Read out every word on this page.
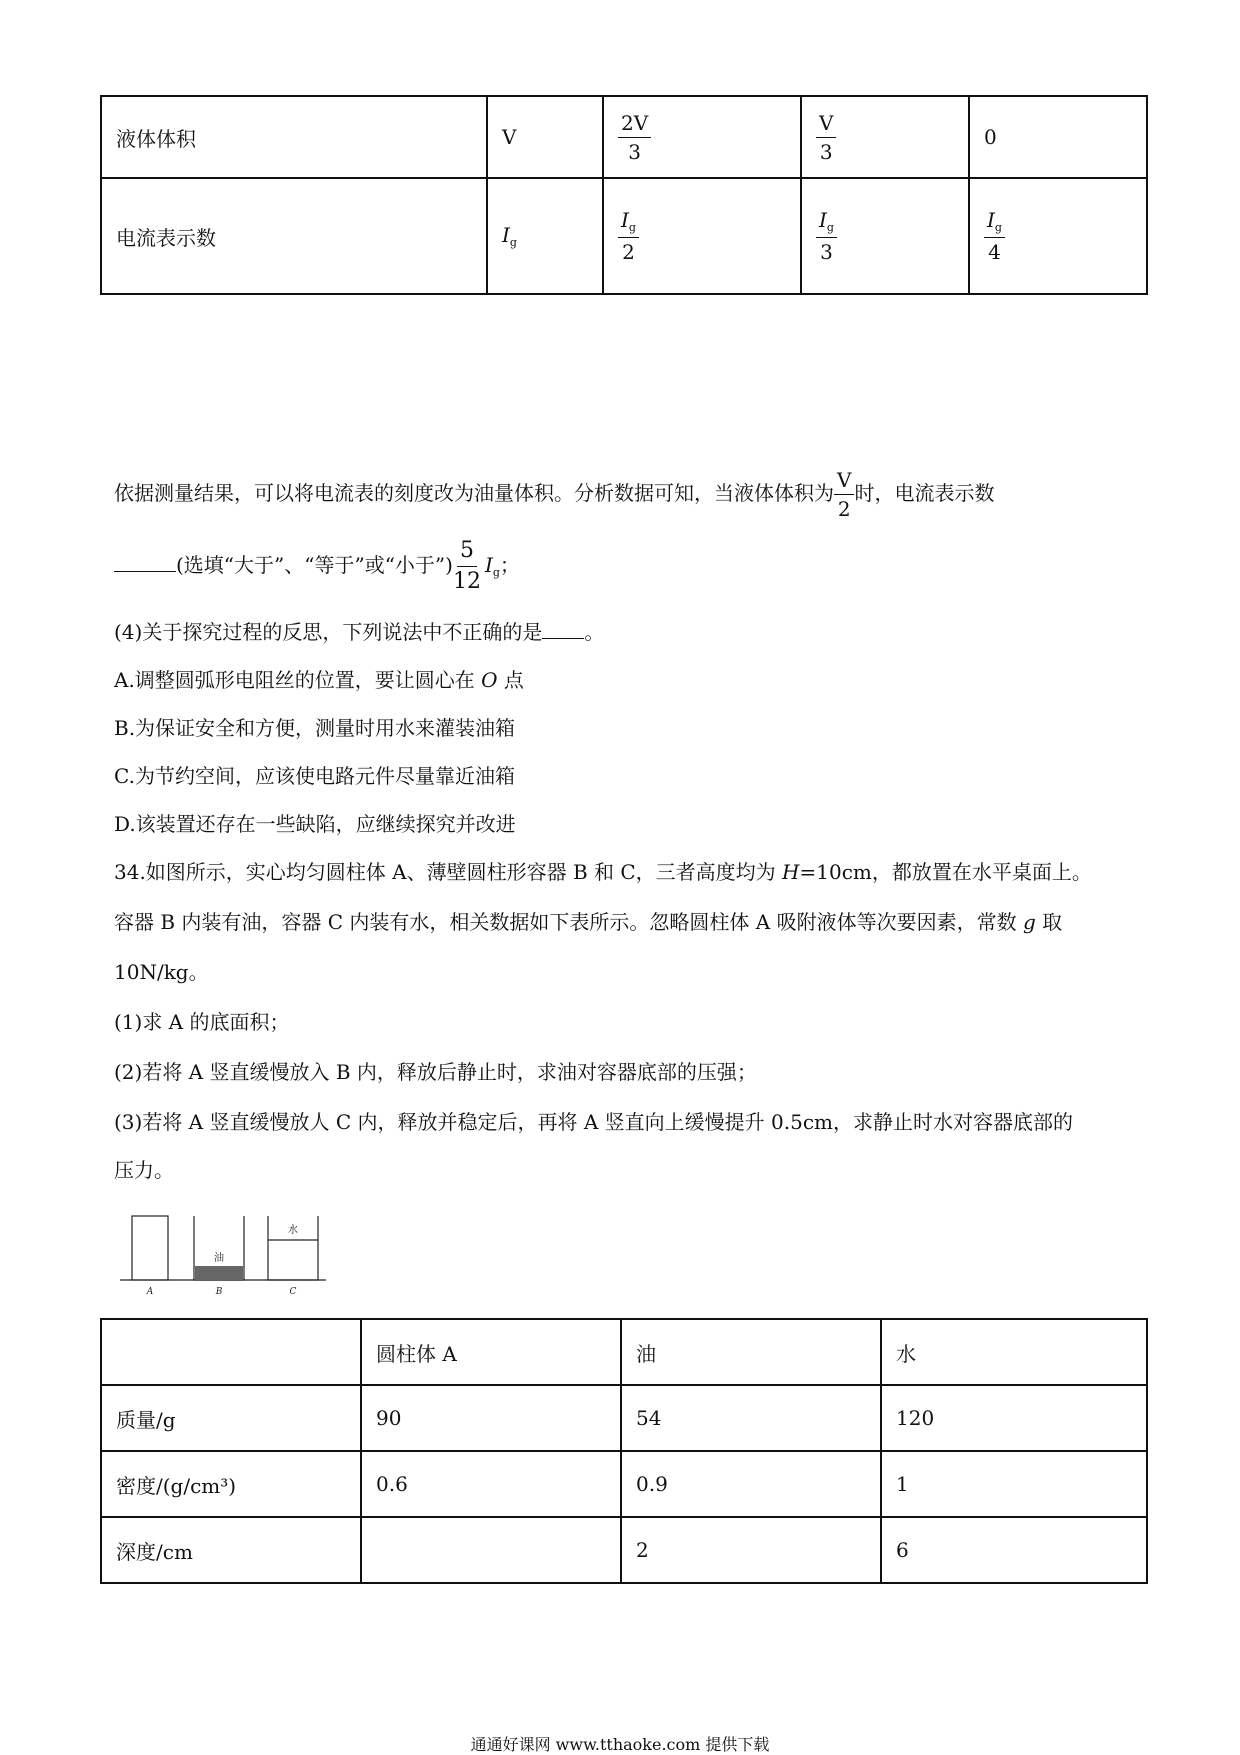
液体体积	V	$\frac{2V}{3}$	$\frac{V}{3}$	0
电流表示数	$I_g$	$\frac{I_g}{2}$	$\frac{I_g}{3}$	$\frac{I_g}{4}$
依据测量结果，可以将电流表的刻度改为油量体积。分析数据可知，当液体体积为 $\frac{V}{2}$ 时，电流表示数
(选填“大于”、“等于”或“小于”) $\frac{5}{12} I_g$；
(4)关于探究过程的反思，下列说法中不正确的是 。
A.调整圆弧形电阻丝的位置，要让圆心在 O 点
B.为保证安全和方便，测量时用水来灌装油箱
C.为节约空间，应该使电路元件尽量靠近油箱
D.该装置还存在一些缺陷，应继续探究并改进
34.如图所示，实心均匀圆柱体 A、薄壁圆柱形容器 B 和 C，三者高度均为 H=10cm，都放置在水平桌面上。
容器 B 内装有油，容器 C 内装有水，相关数据如下表所示。忽略圆柱体 A 吸附液体等次要因素，常数 g 取
10N/kg。
(1)求 A 的底面积；
(2)若将 A 竖直缓慢放入 B 内，释放后静止时，求油对容器底部的压强；
(3)若将 A 竖直缓慢放人 C 内，释放并稳定后，再将 A 竖直向上缓慢提升 0.5cm，求静止时水对容器底部的
压力。
油
水
A	B	C
	圆柱体 A	油	水
质量/g	90	54	120
密度/(g/cm³)	0.6	0.9	1
深度/cm		2	6
通通好课网 www.tthaoke.com 提供下载
